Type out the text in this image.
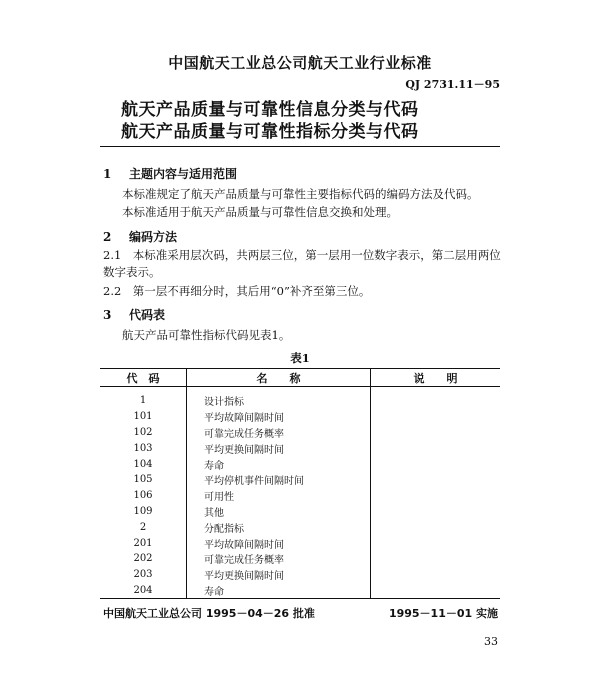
中国航天工业总公司航天工业行业标准
QJ 2731.11－95
航天产品质量与可靠性信息分类与代码
航天产品质量与可靠性指标分类与代码
1 主题内容与适用范围
本标准规定了航天产品质量与可靠性主要指标代码的编码方法及代码。
本标准适用于航天产品质量与可靠性信息交换和处理。
2 编码方法
2.1　本标准采用层次码，共两层三位，第一层用一位数字表示，第二层用两位数字表示。
2.2　第一层不再细分时，其后用“0”补齐至第三位。
3 代码表
航天产品可靠性指标代码见表1。
表1
代　码	名　　称	说　　明

1	设计指标	
101	平均故障间隔时间	
102	可靠完成任务概率	
103	平均更换间隔时间	
104	寿命	
105	平均停机事件间隔时间	
106	可用性	
109	其他	
2	分配指标	
201	平均故障间隔时间	
202	可靠完成任务概率	
203	平均更换间隔时间	
204	寿命	
中国航天工业总公司 1995－04－26 批准	1995－11－01 实施
33
